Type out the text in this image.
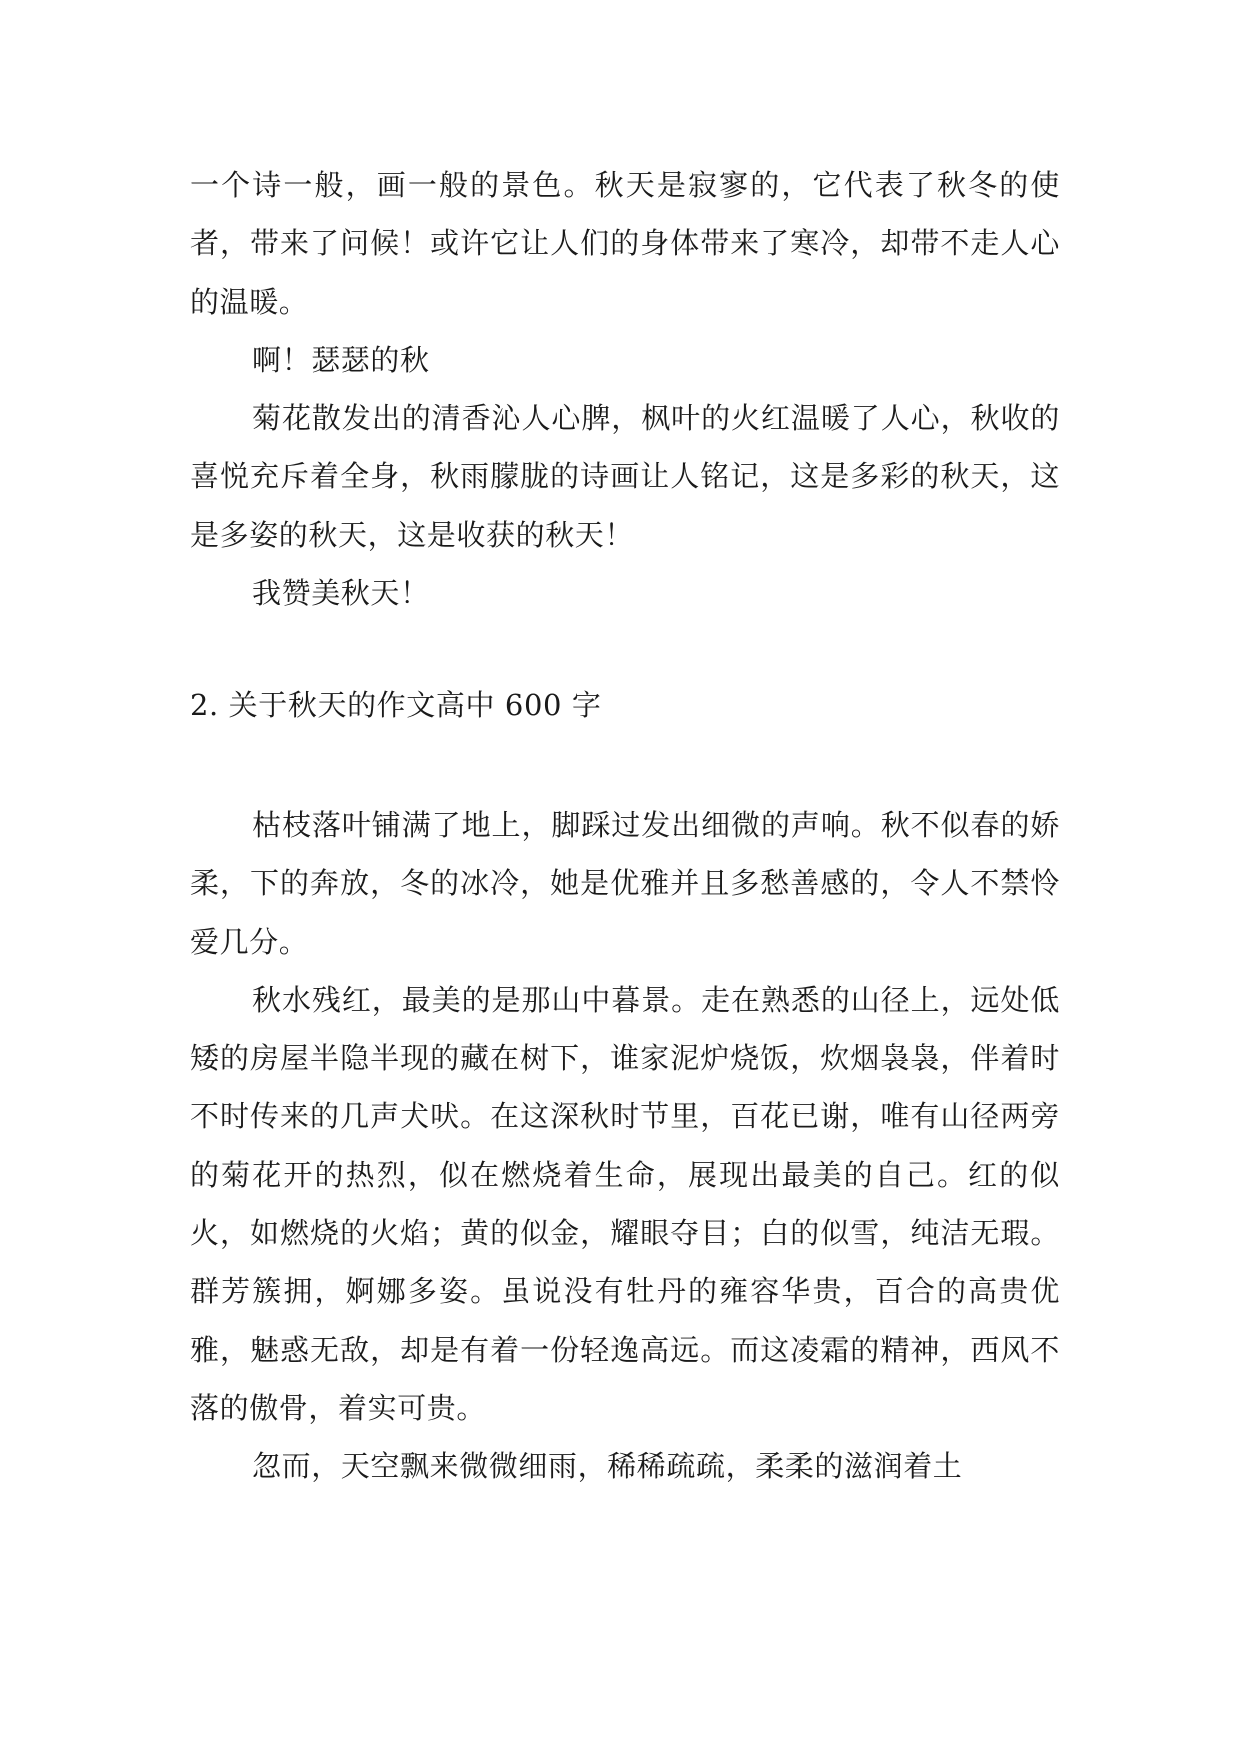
一个诗一般，画一般的景色。秋天是寂寥的，它代表了秋冬的使者，带来了问候！或许它让人们的身体带来了寒冷，却带不走人心的温暖。

啊！瑟瑟的秋

菊花散发出的清香沁人心脾，枫叶的火红温暖了人心，秋收的喜悦充斥着全身，秋雨朦胧的诗画让人铭记，这是多彩的秋天，这是多姿的秋天，这是收获的秋天！

我赞美秋天！

2. 关于秋天的作文高中 600 字

枯枝落叶铺满了地上，脚踩过发出细微的声响。秋不似春的娇柔，下的奔放，冬的冰冷，她是优雅并且多愁善感的，令人不禁怜爱几分。

秋水残红，最美的是那山中暮景。走在熟悉的山径上，远处低矮的房屋半隐半现的藏在树下，谁家泥炉烧饭，炊烟袅袅，伴着时不时传来的几声犬吠。在这深秋时节里，百花已谢，唯有山径两旁的菊花开的热烈，似在燃烧着生命，展现出最美的自己。红的似火，如燃烧的火焰；黄的似金，耀眼夺目；白的似雪，纯洁无瑕。群芳簇拥，婀娜多姿。虽说没有牡丹的雍容华贵，百合的高贵优雅，魅惑无敌，却是有着一份轻逸高远。而这凌霜的精神，西风不落的傲骨，着实可贵。

忽而，天空飘来微微细雨，稀稀疏疏，柔柔的滋润着土
